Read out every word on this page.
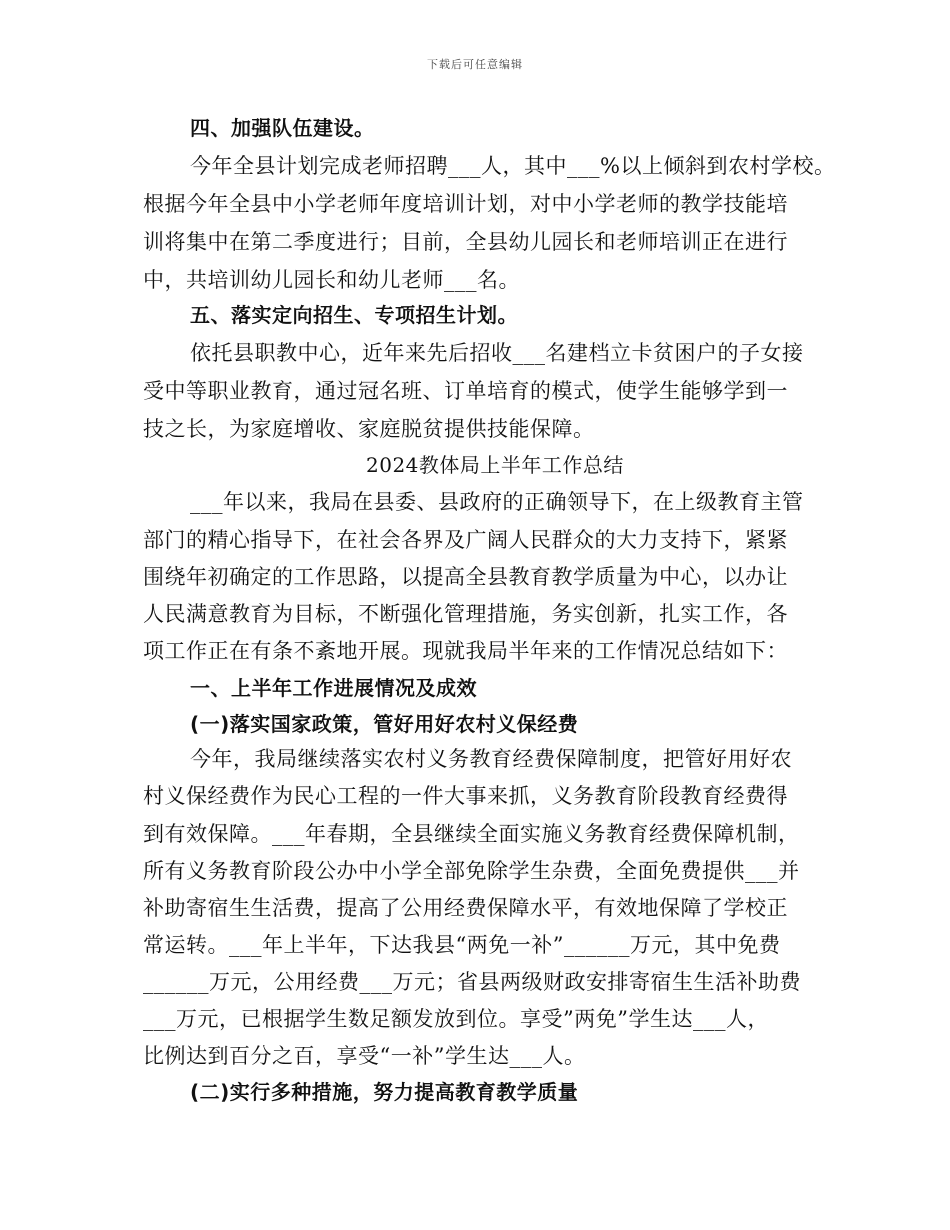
下载后可任意编辑
四、加强队伍建设。
今年全县计划完成老师招聘___人，其中___%以上倾斜到农村学校。
根据今年全县中小学老师年度培训计划，对中小学老师的教学技能培
训将集中在第二季度进行；目前，全县幼儿园长和老师培训正在进行
中，共培训幼儿园长和幼儿老师___名。
五、落实定向招生、专项招生计划。
依托县职教中心，近年来先后招收___名建档立卡贫困户的子女接
受中等职业教育，通过冠名班、订单培育的模式，使学生能够学到一
技之长，为家庭增收、家庭脱贫提供技能保障。
2024教体局上半年工作总结
___年以来，我局在县委、县政府的正确领导下，在上级教育主管
部门的精心指导下，在社会各界及广阔人民群众的大力支持下，紧紧
围绕年初确定的工作思路，以提高全县教育教学质量为中心，以办让
人民满意教育为目标，不断强化管理措施，务实创新，扎实工作，各
项工作正在有条不紊地开展。现就我局半年来的工作情况总结如下：
一、上半年工作进展情况及成效
(一)落实国家政策，管好用好农村义保经费
今年，我局继续落实农村义务教育经费保障制度，把管好用好农
村义保经费作为民心工程的一件大事来抓，义务教育阶段教育经费得
到有效保障。___年春期，全县继续全面实施义务教育经费保障机制，
所有义务教育阶段公办中小学全部免除学生杂费，全面免费提供___并
补助寄宿生生活费，提高了公用经费保障水平，有效地保障了学校正
常运转。___年上半年，下达我县“两免一补”______万元，其中免费
______万元，公用经费___万元；省县两级财政安排寄宿生生活补助费
___万元，已根据学生数足额发放到位。享受”两免”学生达___人，
比例达到百分之百，享受“一补”学生达___人。
(二)实行多种措施，努力提高教育教学质量
